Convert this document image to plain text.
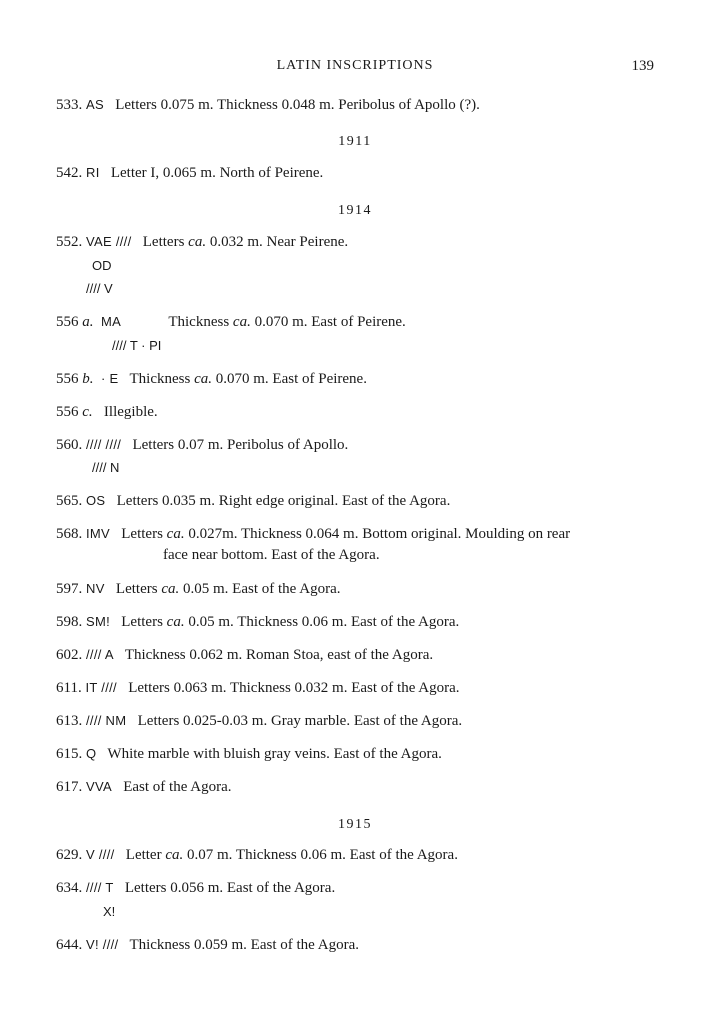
LATIN INSCRIPTIONS	139
533. AS Letters 0.075 m. Thickness 0.048 m. Peribolus of Apollo (?).
1911
542. RI Letter I, 0.065 m. North of Peirene.
1914
552. VAE //// Letters ca. 0.032 m. Near Peirene.
OD
//// V
556 a. MA	Thickness ca. 0.070 m. East of Peirene.
//// T · PI
556 b. · E Thickness ca. 0.070 m. East of Peirene.
556 c. Illegible.
560. //// //// Letters 0.07 m. Peribolus of Apollo.
//// N
565. OS Letters 0.035 m. Right edge original. East of the Agora.
568. IMV Letters ca. 0.027m. Thickness 0.064 m. Bottom original. Moulding on rear
face near bottom. East of the Agora.
597. NV Letters ca. 0.05 m. East of the Agora.
598. SM! Letters ca. 0.05 m. Thickness 0.06 m. East of the Agora.
602. //// A Thickness 0.062 m. Roman Stoa, east of the Agora.
611. IT //// Letters 0.063 m. Thickness 0.032 m. East of the Agora.
613. //// NM Letters 0.025-0.03 m. Gray marble. East of the Agora.
615. Q White marble with bluish gray veins. East of the Agora.
617. VVA East of the Agora.
1915
629. V //// Letter ca. 0.07 m. Thickness 0.06 m. East of the Agora.
634. //// T Letters 0.056 m. East of the Agora.
X!
644. V! //// Thickness 0.059 m. East of the Agora.
